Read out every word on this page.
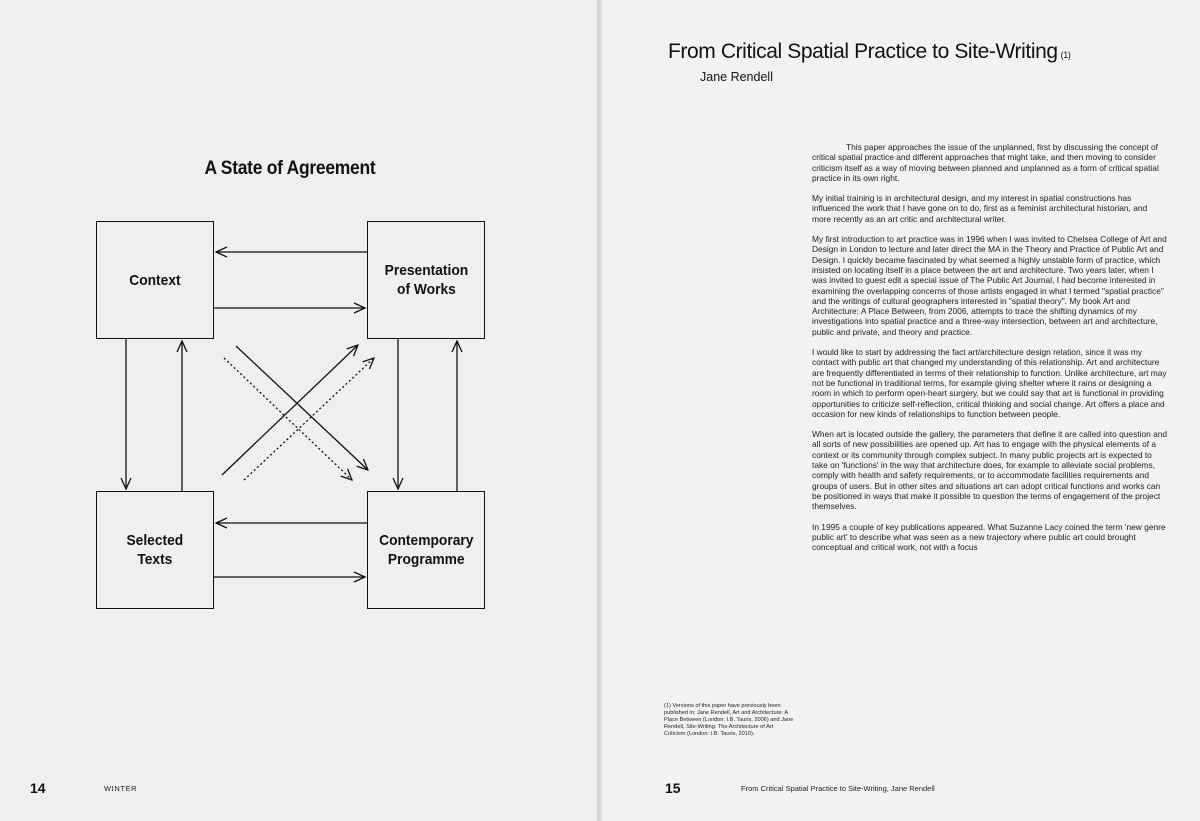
A State of Agreement
Context
Presentation
of Works
Selected
Texts
Contemporary
Programme
14	WINTER
From Critical Spatial Practice to Site-Writing (1)
Jane Rendell

This paper approaches the issue of the unplanned, first by discussing the concept of critical spatial practice and different approaches that might take, and then moving to consider criticism itself as a way of moving between planned and unplanned as a form of critical spatial practice in its own right.

My initial training is in architectural design, and my interest in spatial constructions has influenced the work that I have gone on to do, first as a feminist architectural historian, and more recently as an art critic and architectural writer.

My first introduction to art practice was in 1996 when I was invited to Chelsea College of Art and Design in London to lecture and later direct the MA in the Theory and Practice of Public Art and Design. I quickly became fascinated by what seemed a highly unstable form of practice, which insisted on locating itself in a place between the art and architecture. Two years later, when I was invited to guest edit a special issue of The Public Art Journal, I had become interested in examining the overlapping concerns of those artists engaged in what I termed "spatial practice" and the writings of cultural geographers interested in "spatial theory". My book Art and Architecture: A Place Between, from 2006, attempts to trace the shifting dynamics of my investigations into spatial practice and a three-way intersection, between art and architecture, public and private, and theory and practice.

I would like to start by addressing the fact art/architecture design relation, since it was my contact with public art that changed my understanding of this relationship. Art and architecture are frequently differentiated in terms of their relationship to function. Unlike architecture, art may not be functional in traditional terms, for example giving shelter where it rains or designing a room in which to perform open-heart surgery, but we could say that art is functional in providing opportunities to criticize self-reflection, critical thinking and social change. Art offers a place and occasion for new kinds of relationships to function between people.

When art is located outside the gallery, the parameters that define it are called into question and all sorts of new possibilities are opened up. Art has to engage with the physical elements of a context or its community through complex subject. In many public projects art is expected to take on 'functions' in the way that architecture does, for example to alleviate social problems, comply with health and safety requirements, or to accommodate facilities requirements and groups of users. But in other sites and situations art can adopt critical functions and works can be positioned in ways that make it possible to question the terms of engagement of the project themselves.

In 1995 a couple of key publications appeared. What Suzanne Lacy coined the term 'new genre public art' to describe what was seen as a new trajectory where public art could brought conceptual and critical work, not with a focus

(1) Versions of this paper have previously been published in: Jane Rendell, Art and Architecture: A Place Between (London: I.B. Tauris, 2006) and Jane Rendell, Site-Writing: The Architecture of Art Criticism (London: I.B. Tauris, 2010).
15	From Critical Spatial Practice to Site-Writing, Jane Rendell
